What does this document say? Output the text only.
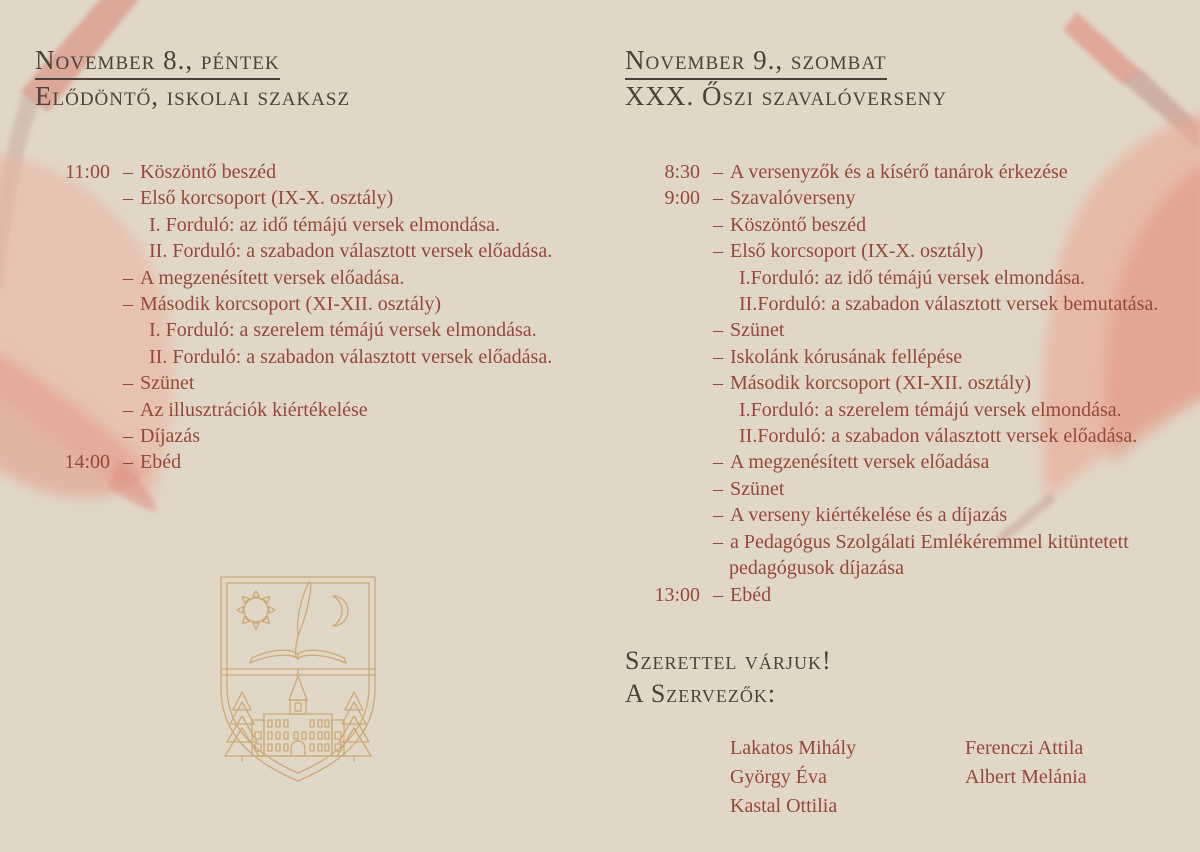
November 8., péntek
Elődöntő, iskolai szakasz
11:00 – Köszöntő beszéd
– Első korcsoport (IX-X. osztály)
I. Forduló: az idő témájú versek elmondása.
II. Forduló: a szabadon választott versek előadása.
– A megzenésített versek előadása.
– Második korcsoport (XI-XII. osztály)
I. Forduló: a szerelem témájú versek elmondása.
II. Forduló: a szabadon választott versek előadása.
– Szünet
– Az illusztrációk kiértékelése
– Díjazás
14:00 – Ebéd
November 9., szombat
XXX. Őszi szavalóverseny
8:30 – A versenyzők és a kísérő tanárok érkezése
9:00 – Szavalóverseny
– Köszöntő beszéd
– Első korcsoport (IX-X. osztály)
I.Forduló: az idő témájú versek elmondása.
II.Forduló: a szabadon választott versek bemutatása.
– Szünet
– Iskolánk kórusának fellépése
– Második korcsoport (XI-XII. osztály)
I.Forduló: a szerelem témájú versek elmondása.
II.Forduló: a szabadon választott versek előadása.
– A megzenésített versek előadása
– Szünet
– A verseny kiértékelése és a díjazás
– a Pedagógus Szolgálati Emlékéremmel kitüntetett
pedagógusok díjazása
13:00 – Ebéd
Szerettel várjuk!
A Szervezők:
Lakatos Mihály
György Éva
Kastal Ottilia
Ferenczi Attila
Albert Melánia
